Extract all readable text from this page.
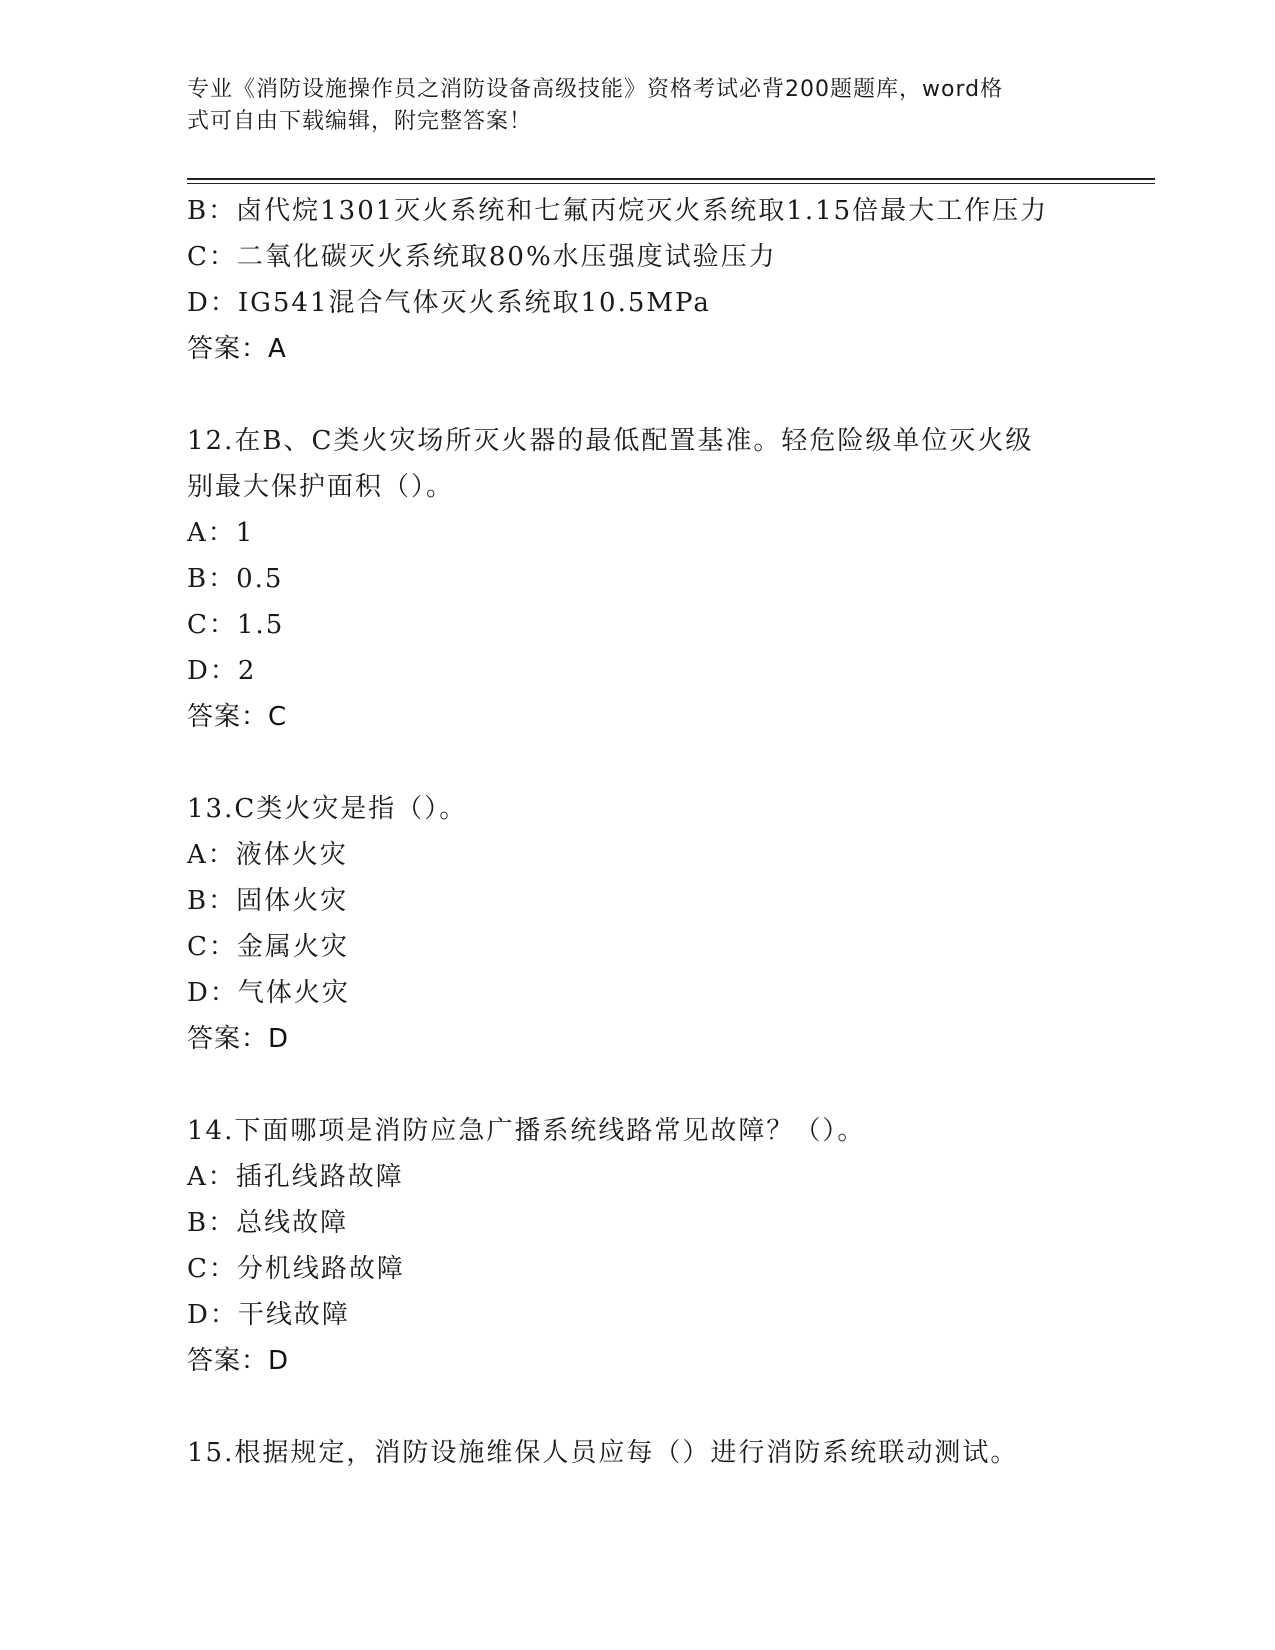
专业《消防设施操作员之消防设备高级技能》资格考试必背200题题库，word格
式可自由下载编辑，附完整答案！
B：卤代烷1301灭火系统和七氟丙烷灭火系统取1.15倍最大工作压力
C：二氧化碳灭火系统取80%水压强度试验压力
D：IG541混合气体灭火系统取10.5MPa
答案：A
12.在B、C类火灾场所灭火器的最低配置基准。轻危险级单位灭火级
别最大保护面积（）。
A：1
B：0.5
C：1.5
D：2
答案：C
13.C类火灾是指（）。
A：液体火灾
B：固体火灾
C：金属火灾
D：气体火灾
答案：D
14.下面哪项是消防应急广播系统线路常见故障？（）。
A：插孔线路故障
B：总线故障
C：分机线路故障
D：干线故障
答案：D
15.根据规定，消防设施维保人员应每（）进行消防系统联动测试。
